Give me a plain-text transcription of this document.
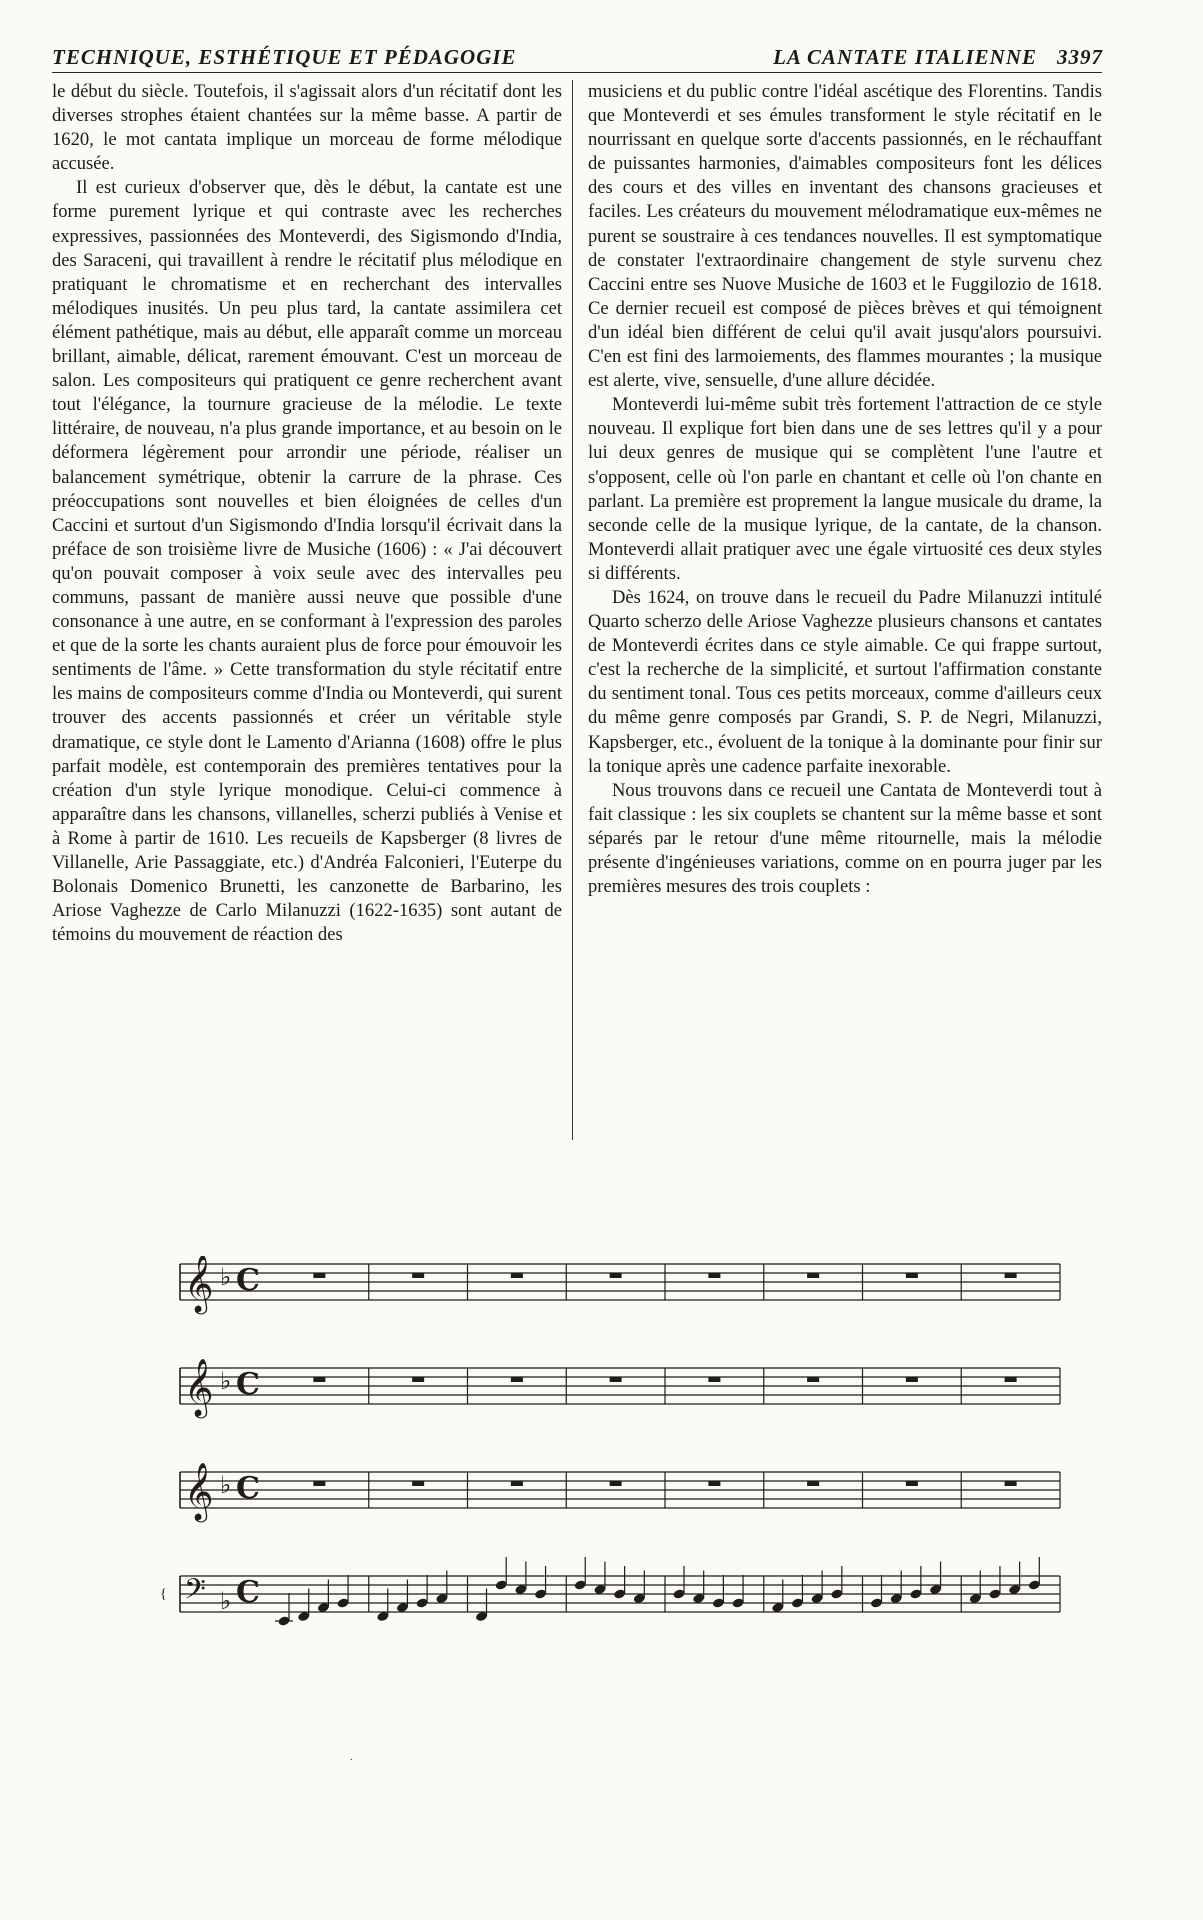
TECHNIQUE, ESTHÉTIQUE ET PÉDAGOGIE	LA CANTATE ITALIENNE 3397

le début du siècle. Toutefois, il s'agissait alors d'un récitatif dont les diverses strophes étaient chantées sur la même basse. A partir de 1620, le mot cantata implique un morceau de forme mélodique accusée.

Il est curieux d'observer que, dès le début, la cantate est une forme purement lyrique et qui contraste avec les recherches expressives, passionnées des Monteverdi, des Sigismondo d'India, des Saraceni, qui travaillent à rendre le récitatif plus mélodique en pratiquant le chromatisme et en recherchant des intervalles mélodiques inusités. Un peu plus tard, la cantate assimilera cet élément pathétique, mais au début, elle apparaît comme un morceau brillant, aimable, délicat, rarement émouvant. C'est un morceau de salon. Les compositeurs qui pratiquent ce genre recherchent avant tout l'élégance, la tournure gracieuse de la mélodie. Le texte littéraire, de nouveau, n'a plus grande importance, et au besoin on le déformera légèrement pour arrondir une période, réaliser un balancement symétrique, obtenir la carrure de la phrase. Ces préoccupations sont nouvelles et bien éloignées de celles d'un Caccini et surtout d'un Sigismondo d'India lorsqu'il écrivait dans la préface de son troisième livre de Musiche (1606) : « J'ai découvert qu'on pouvait composer à voix seule avec des intervalles peu communs, passant de manière aussi neuve que possible d'une consonance à une autre, en se conformant à l'expression des paroles et que de la sorte les chants auraient plus de force pour émouvoir les sentiments de l'âme. » Cette transformation du style récitatif entre les mains de compositeurs comme d'India ou Monteverdi, qui surent trouver des accents passionnés et créer un véritable style dramatique, ce style dont le Lamento d'Arianna (1608) offre le plus parfait modèle, est contemporain des premières tentatives pour la création d'un style lyrique monodique. Celui-ci commence à apparaître dans les chansons, villanelles, scherzi publiés à Venise et à Rome à partir de 1610. Les recueils de Kapsberger (8 livres de Villanelle, Arie Passaggiate, etc.) d'Andréa Falconieri, l'Euterpe du Bolonais Domenico Brunetti, les canzonette de Barbarino, les Ariose Vaghezze de Carlo Milanuzzi (1622-1635) sont autant de témoins du mouvement de réaction des

musiciens et du public contre l'idéal ascétique des Florentins. Tandis que Monteverdi et ses émules transforment le style récitatif en le nourrissant en quelque sorte d'accents passionnés, en le réchauffant de puissantes harmonies, d'aimables compositeurs font les délices des cours et des villes en inventant des chansons gracieuses et faciles. Les créateurs du mouvement mélodramatique eux-mêmes ne purent se soustraire à ces tendances nouvelles. Il est symptomatique de constater l'extraordinaire changement de style survenu chez Caccini entre ses Nuove Musiche de 1603 et le Fuggilozio de 1618. Ce dernier recueil est composé de pièces brèves et qui témoignent d'un idéal bien différent de celui qu'il avait jusqu'alors poursuivi. C'en est fini des larmoiements, des flammes mourantes ; la musique est alerte, vive, sensuelle, d'une allure décidée.

Monteverdi lui-même subit très fortement l'attraction de ce style nouveau. Il explique fort bien dans une de ses lettres qu'il y a pour lui deux genres de musique qui se complètent l'une l'autre et s'opposent, celle où l'on parle en chantant et celle où l'on chante en parlant. La première est proprement la langue musicale du drame, la seconde celle de la musique lyrique, de la cantate, de la chanson. Monteverdi allait pratiquer avec une égale virtuosité ces deux styles si différents.

Dès 1624, on trouve dans le recueil du Padre Milanuzzi intitulé Quarto scherzo delle Ariose Vaghezze plusieurs chansons et cantates de Monteverdi écrites dans ce style aimable. Ce qui frappe surtout, c'est la recherche de la simplicité, et surtout l'affirmation constante du sentiment tonal. Tous ces petits morceaux, comme d'ailleurs ceux du même genre composés par Grandi, S. P. de Negri, Milanuzzi, Kapsberger, etc., évoluent de la tonique à la dominante pour finir sur la tonique après une cadence parfaite inexorable.

Nous trouvons dans ce recueil une Cantata de Monteverdi tout à fait classique : les six couplets se chantent sur la même basse et sont séparés par le retour d'une même ritournelle, mais la mélodie présente d'ingénieuses variations, comme on en pourra juger par les premières mesures des trois couplets :

𝄞 ♭ C
𝄞 ♭ C
𝄞 ♭ C
𝄢 ♭ C
{
.
